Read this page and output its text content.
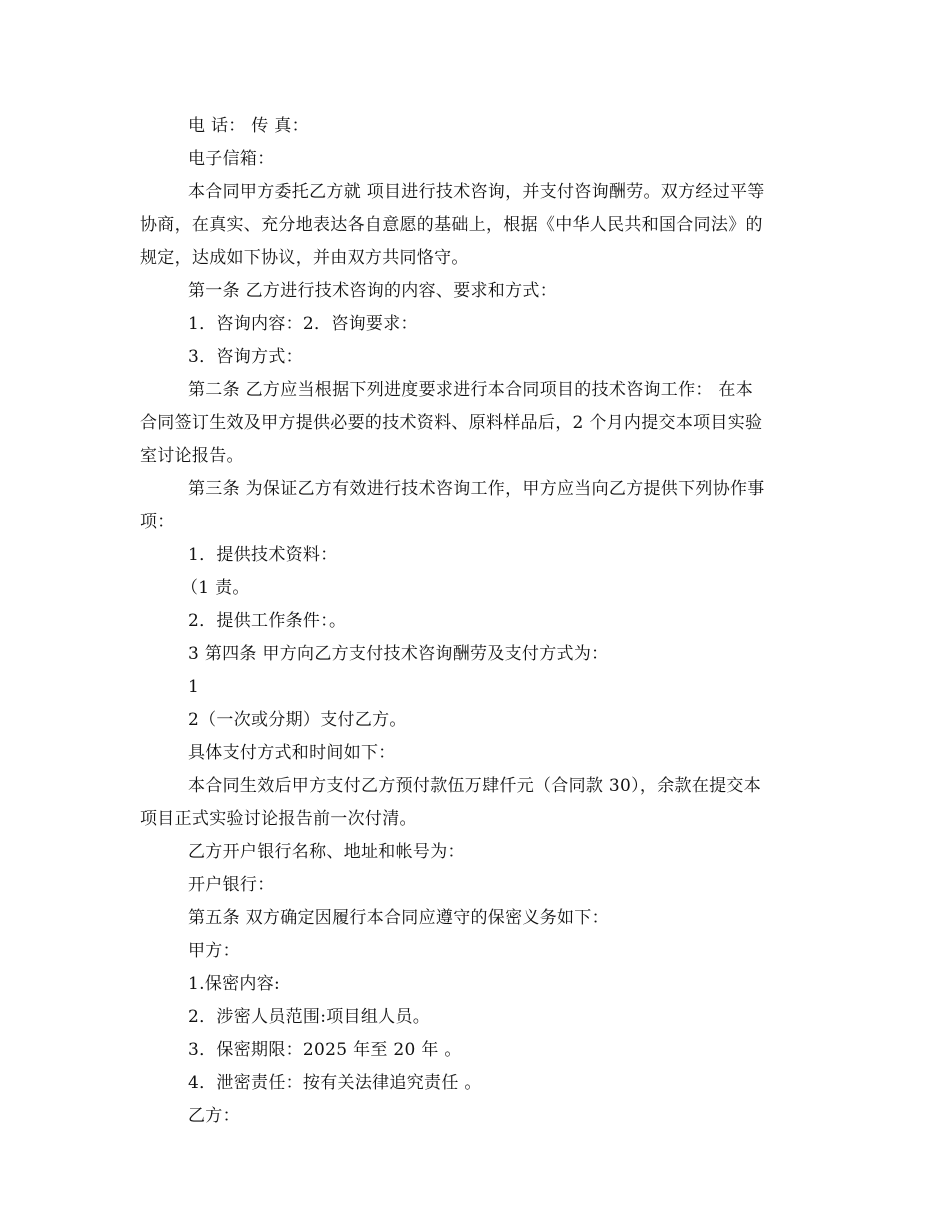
电 话： 传 真：
电子信箱：
本合同甲方委托乙方就 项目进行技术咨询，并支付咨询酬劳。双方经过平等
协商，在真实、充分地表达各自意愿的基础上，根据《中华人民共和国合同法》的
规定，达成如下协议，并由双方共同恪守。
第一条 乙方进行技术咨询的内容、要求和方式：
1．咨询内容：2．咨询要求：
3．咨询方式：
第二条 乙方应当根据下列进度要求进行本合同项目的技术咨询工作： 在本
合同签订生效及甲方提供必要的技术资料、原料样品后，2 个月内提交本项目实验
室讨论报告。
第三条 为保证乙方有效进行技术咨询工作，甲方应当向乙方提供下列协作事
项：
1．提供技术资料：
（1 责。
2．提供工作条件：。
3 第四条 甲方向乙方支付技术咨询酬劳及支付方式为：
1
2（一次或分期）支付乙方。
具体支付方式和时间如下：
本合同生效后甲方支付乙方预付款伍万肆仟元（合同款 30），余款在提交本
项目正式实验讨论报告前一次付清。
乙方开户银行名称、地址和帐号为：
开户银行：
第五条 双方确定因履行本合同应遵守的保密义务如下：
甲方：
1.保密内容:
2．涉密人员范围:项目组人员。
3．保密期限：2025 年至 20 年 。
4．泄密责任：按有关法律追究责任 。
乙方：
